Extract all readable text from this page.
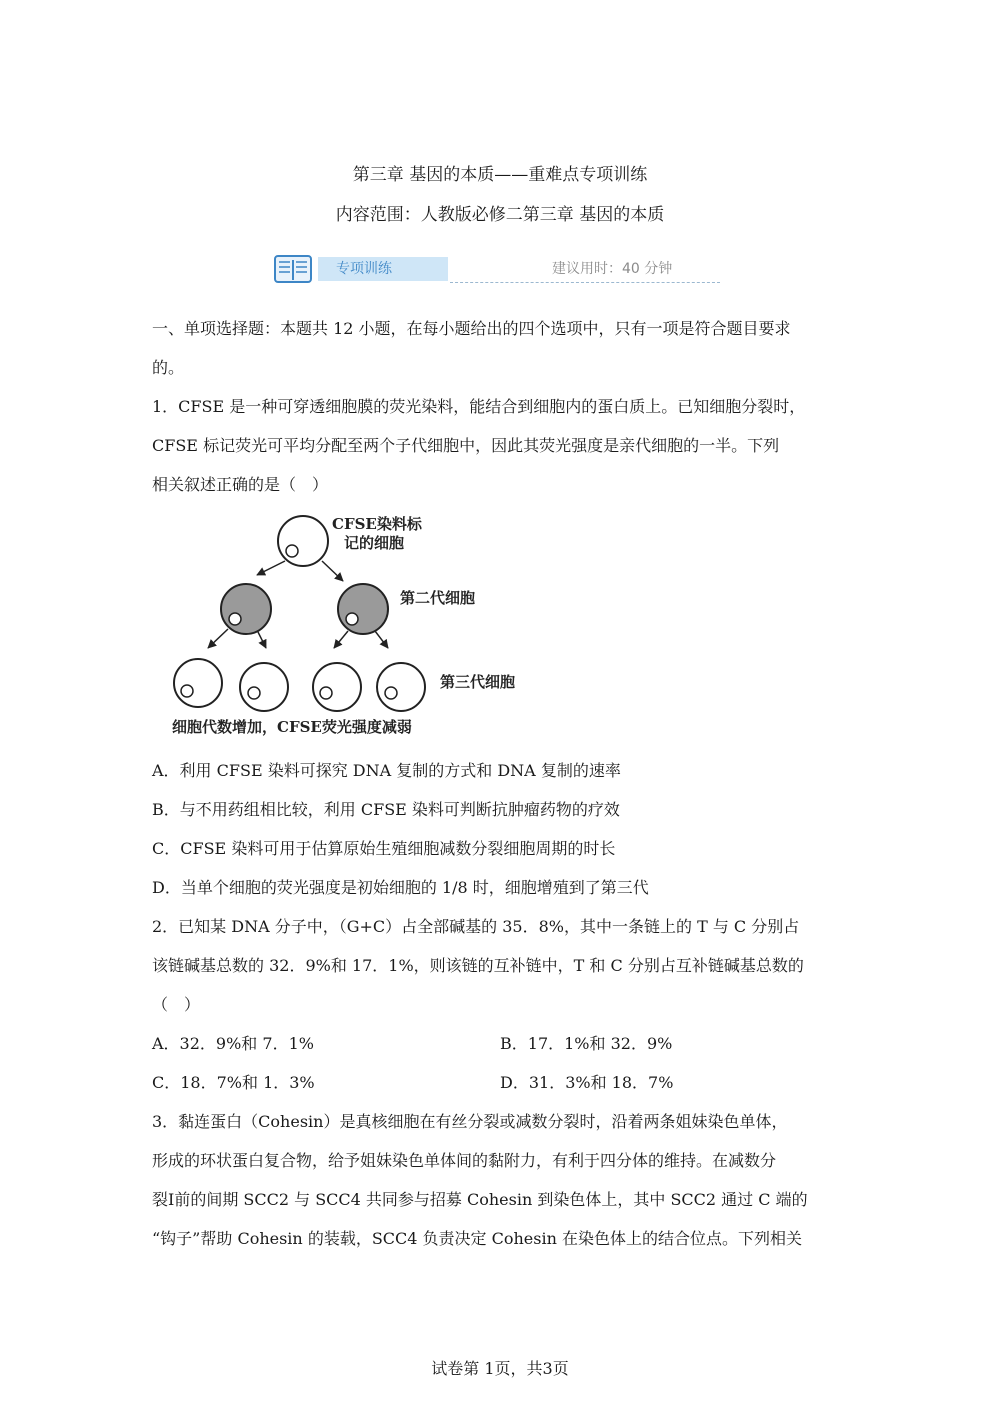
第三章 基因的本质——重难点专项训练
内容范围：人教版必修二第三章 基因的本质
专项训练	建议用时：40 分钟
一、单项选择题：本题共 12 小题，在每小题给出的四个选项中，只有一项是符合题目要求
的。
1．CFSE 是一种可穿透细胞膜的荧光染料，能结合到细胞内的蛋白质上。已知细胞分裂时，
CFSE 标记荧光可平均分配至两个子代细胞中，因此其荧光强度是亲代细胞的一半。下列
相关叙述正确的是（　）
CFSE染料标
记的细胞
第二代细胞
第三代细胞
细胞代数增加，CFSE荧光强度减弱
A．利用 CFSE 染料可探究 DNA 复制的方式和 DNA 复制的速率
B．与不用药组相比较，利用 CFSE 染料可判断抗肿瘤药物的疗效
C．CFSE 染料可用于估算原始生殖细胞减数分裂细胞周期的时长
D．当单个细胞的荧光强度是初始细胞的 1/8 时，细胞增殖到了第三代
2．已知某 DNA 分子中，（G+C）占全部碱基的 35．8%，其中一条链上的 T 与 C 分别占
该链碱基总数的 32．9%和 17．1%，则该链的互补链中，T 和 C 分别占互补链碱基总数的
（　）
A．32．9%和 7．1%	B．17．1%和 32．9%
C．18．7%和 1．3%	D．31．3%和 18．7%
3．黏连蛋白（Cohesin）是真核细胞在有丝分裂或减数分裂时，沿着两条姐妹染色单体，
形成的环状蛋白复合物，给予姐妹染色单体间的黏附力，有利于四分体的维持。在减数分
裂Ⅰ前的间期 SCC2 与 SCC4 共同参与招募 Cohesin 到染色体上，其中 SCC2 通过 C 端的
“钩子”帮助 Cohesin 的装载，SCC4 负责决定 Cohesin 在染色体上的结合位点。下列相关
试卷第 1页，共3页
